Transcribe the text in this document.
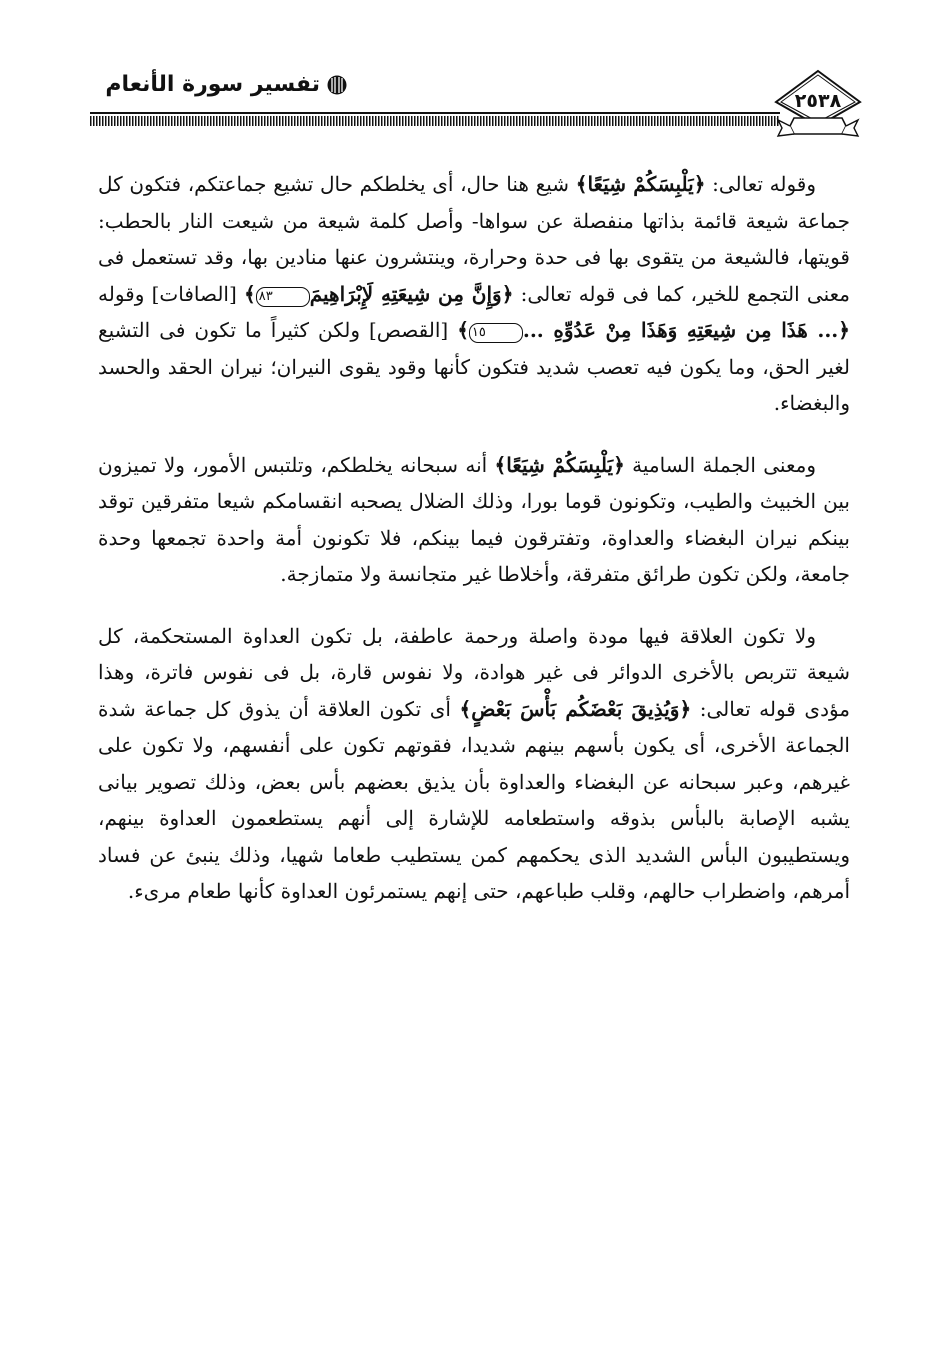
تفسير سورة الأنعام
٢٥٣٨

وقوله تعالى: ﴿يَلْبِسَكُمْ شِيَعًا﴾ شيع هنا حال، أى يخلطكم حال تشيع جماعتكم، فتكون كل جماعة شيعة قائمة بذاتها منفصلة عن سواها- وأصل كلمة شيعة من شيعت النار بالحطب: قويتها، فالشيعة من يتقوى بها فى حدة وحرارة، وينتشرون عنها منادين بها، وقد تستعمل فى معنى التجمع للخير، كما فى قوله تعالى: ﴿وَإِنَّ مِن شِيعَتِهِ لَإِبْرَاهِيمَ٨٣﴾ [الصافات] وقوله ﴿... هَذَا مِن شِيعَتِهِ وَهَذَا مِنْ عَدُوِّهِ ...١٥﴾ [القصص] ولكن كثيراً ما تكون فى التشيع لغير الحق، وما يكون فيه تعصب شديد فتكون كأنها وقود يقوى النيران؛ نيران الحقد والحسد والبغضاء.

ومعنى الجملة السامية ﴿يَلْبِسَكُمْ شِيَعًا﴾ أنه سبحانه يخلطكم، وتلتبس الأمور، ولا تميزون بين الخبيث والطيب، وتكونون قوما بورا، وذلك الضلال يصحبه انقسامكم شيعا متفرقين توقد بينكم نيران البغضاء والعداوة، وتفترقون فيما بينكم، فلا تكونون أمة واحدة تجمعها وحدة جامعة، ولكن تكون طرائق متفرقة، وأخلاطا غير متجانسة ولا متمازجة.

ولا تكون العلاقة فيها مودة واصلة ورحمة عاطفة، بل تكون العداوة المستحكمة، كل شيعة تتربص بالأخرى الدوائر فى غير هوادة، ولا نفوس قارة، بل فى نفوس فاترة، وهذا مؤدى قوله تعالى: ﴿وَيُذِيقَ بَعْضَكُم بَأْسَ بَعْضٍ﴾ أى تكون العلاقة أن يذوق كل جماعة شدة الجماعة الأخرى، أى يكون بأسهم بينهم شديدا، فقوتهم تكون على أنفسهم، ولا تكون على غيرهم، وعبر سبحانه عن البغضاء والعداوة بأن يذيق بعضهم بأس بعض، وذلك تصوير بيانى يشبه الإصابة بالبأس بذوقه واستطعامه للإشارة إلى أنهم يستطعمون العداوة بينهم، ويستطيبون البأس الشديد الذى يحكمهم كمن يستطيب طعاما شهيا، وذلك ينبئ عن فساد أمرهم، واضطراب حالهم، وقلب طباعهم، حتى إنهم يستمرئون العداوة كأنها طعام مرىء.
